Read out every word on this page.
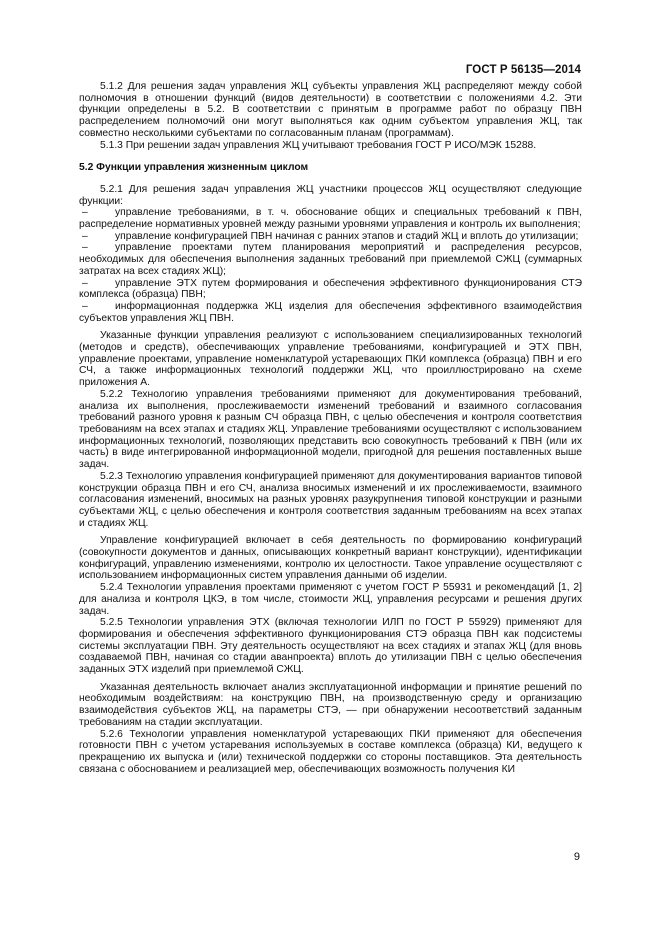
ГОСТ Р 56135—2014

5.1.2 Для решения задач управления ЖЦ субъекты управления ЖЦ распределяют между собой полномочия в отношении функций (видов деятельности) в соответствии с положениями 4.2. Эти функции определены в 5.2. В соответствии с принятым в программе работ по образцу ПВН распределением полномочий они могут выполняться как одним субъектом управления ЖЦ, так совместно несколькими субъектами по согласованным планам (программам).

5.1.3 При решении задач управления ЖЦ учитывают требования ГОСТ Р ИСО/МЭК 15288.

5.2 Функции управления жизненным циклом

5.2.1 Для решения задач управления ЖЦ участники процессов ЖЦ осуществляют следующие функции:

–	управление требованиями, в т. ч. обоснование общих и специальных требований к ПВН, распределение нормативных уровней между разными уровнями управления и контроль их выполнения;

–	управление конфигурацией ПВН начиная с ранних этапов и стадий ЖЦ и вплоть до утилизации;

–	управление проектами путем планирования мероприятий и распределения ресурсов, необходимых для обеспечения выполнения заданных требований при приемлемой СЖЦ (суммарных затратах на всех стадиях ЖЦ);

–	управление ЭТХ путем формирования и обеспечения эффективного функционирования СТЭ комплекса (образца) ПВН;

–	информационная поддержка ЖЦ изделия для обеспечения эффективного взаимодействия субъектов управления ЖЦ ПВН.

Указанные функции управления реализуют с использованием специализированных технологий (методов и средств), обеспечивающих управление требованиями, конфигурацией и ЭТХ ПВН, управление проектами, управление номенклатурой устаревающих ПКИ комплекса (образца) ПВН и его СЧ, а также информационных технологий поддержки ЖЦ, что проиллюстрировано на схеме приложения А.

5.2.2 Технологию управления требованиями применяют для документирования требований, анализа их выполнения, прослеживаемости изменений требований и взаимного согласования требований разного уровня к разным СЧ образца ПВН, с целью обеспечения и контроля соответствия требованиям на всех этапах и стадиях ЖЦ. Управление требованиями осуществляют с использованием информационных технологий, позволяющих представить всю совокупность требований к ПВН (или их часть) в виде интегрированной информационной модели, пригодной для решения поставленных выше задач.

5.2.3 Технологию управления конфигурацией применяют для документирования вариантов типовой конструкции образца ПВН и его СЧ, анализа вносимых изменений и их прослеживаемости, взаимного согласования изменений, вносимых на разных уровнях разукрупнения типовой конструкции и разными субъектами ЖЦ, с целью обеспечения и контроля соответствия заданным требованиям на всех этапах и стадиях ЖЦ.

Управление конфигурацией включает в себя деятельность по формированию конфигураций (совокупности документов и данных, описывающих конкретный вариант конструкции), идентификации конфигураций, управлению изменениями, контролю их целостности. Такое управление осуществляют с использованием информационных систем управления данными об изделии.

5.2.4 Технологии управления проектами применяют с учетом ГОСТ Р 55931 и рекомендаций [1, 2] для анализа и контроля ЦКЭ, в том числе, стоимости ЖЦ, управления ресурсами и решения других задач.

5.2.5 Технологии управления ЭТХ (включая технологии ИЛП по ГОСТ Р 55929) применяют для формирования и обеспечения эффективного функционирования СТЭ образца ПВН как подсистемы системы эксплуатации ПВН. Эту деятельность осуществляют на всех стадиях и этапах ЖЦ (для вновь создаваемой ПВН, начиная со стадии аванпроекта) вплоть до утилизации ПВН с целью обеспечения заданных ЭТХ изделий при приемлемой СЖЦ.

Указанная деятельность включает анализ эксплуатационной информации и принятие решений по необходимым воздействиям: на конструкцию ПВН, на производственную среду и организацию взаимодействия субъектов ЖЦ, на параметры СТЭ, — при обнаружении несоответствий заданным требованиям на стадии эксплуатации.

5.2.6 Технологии управления номенклатурой устаревающих ПКИ применяют для обеспечения готовности ПВН с учетом устаревания используемых в составе комплекса (образца) КИ, ведущего к прекращению их выпуска и (или) технической поддержки со стороны поставщиков. Эта деятельность связана с обоснованием и реализацией мер, обеспечивающих возможность получения КИ

9
